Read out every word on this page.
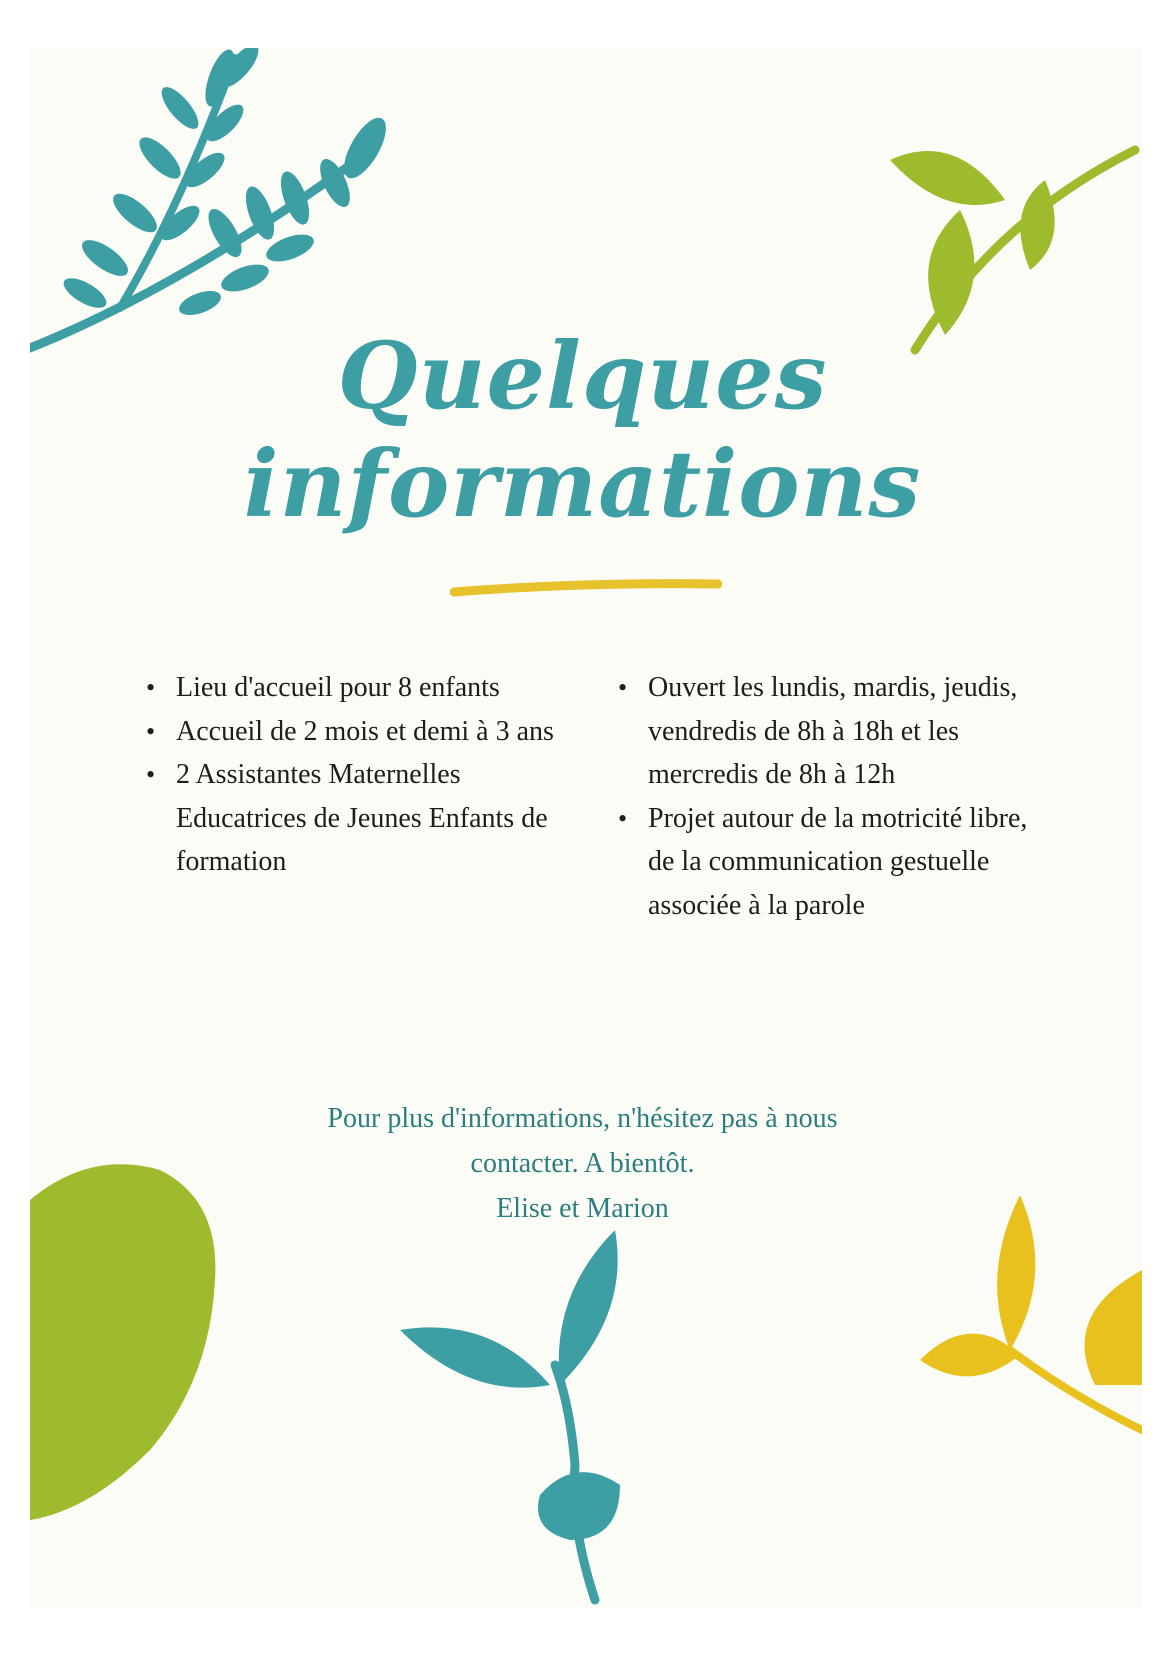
Quelques informations
• Lieu d'accueil pour 8 enfants
• Accueil de 2 mois et demi à 3 ans
• 2 Assistantes Maternelles Educatrices de Jeunes Enfants de formation
• Ouvert les lundis, mardis, jeudis, vendredis de 8h à 18h et les mercredis de 8h à 12h
• Projet autour de la motricité libre, de la communication gestuelle associée à la parole
Pour plus d'informations, n'hésitez pas à nous
contacter. A bientôt.
Elise et Marion
